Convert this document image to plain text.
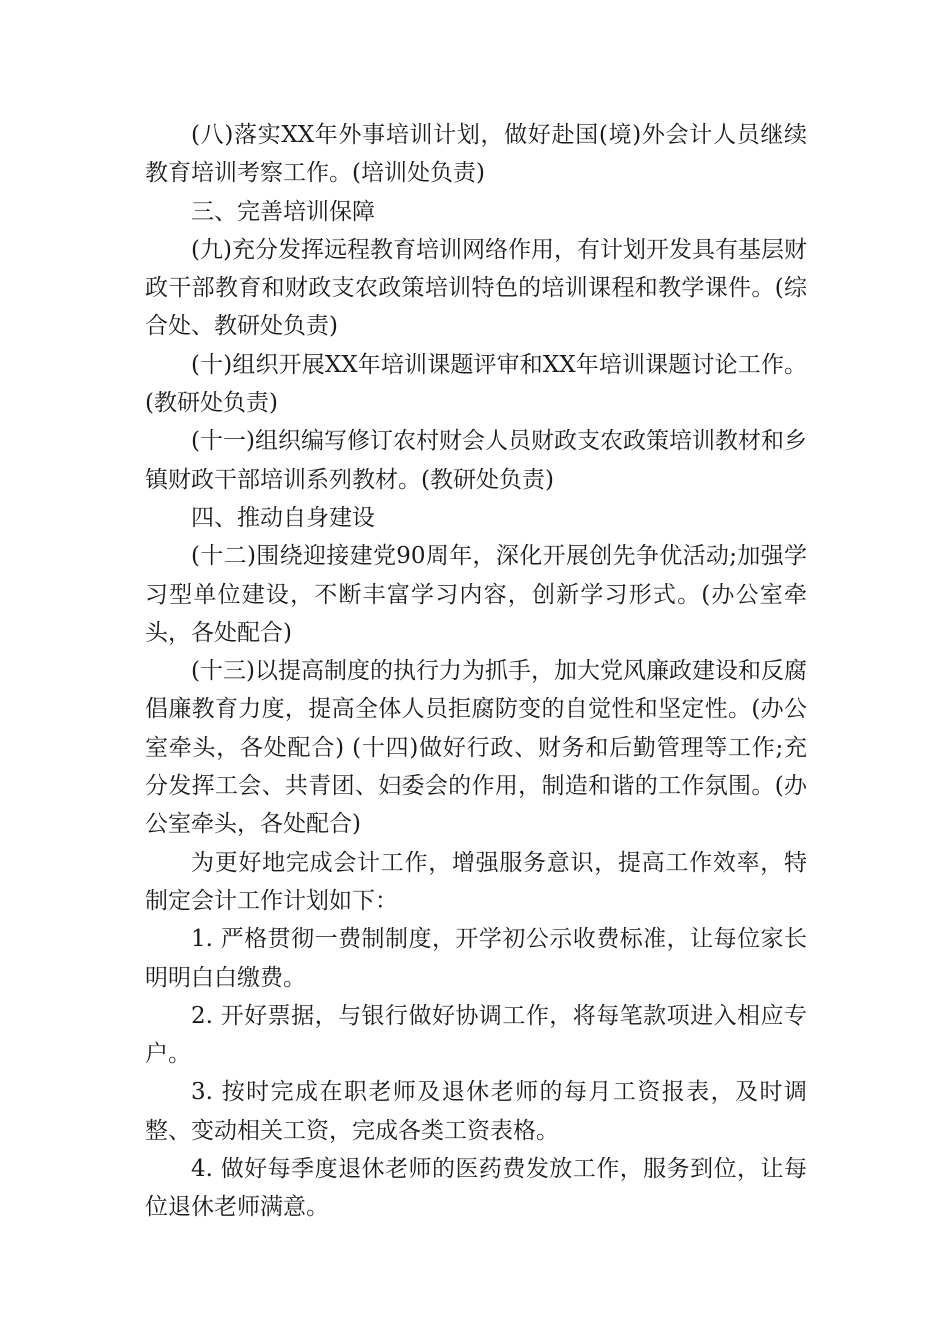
(八)落实XX年外事培训计划，做好赴国(境)外会计人员继续教育培训考察工作。(培训处负责)

三、完善培训保障

(九)充分发挥远程教育培训网络作用，有计划开发具有基层财政干部教育和财政支农政策培训特色的培训课程和教学课件。(综合处、教研处负责)

(十)组织开展XX年培训课题评审和XX年培训课题讨论工作。(教研处负责)

(十一)组织编写修订农村财会人员财政支农政策培训教材和乡镇财政干部培训系列教材。(教研处负责)

四、推动自身建设

(十二)围绕迎接建党90周年，深化开展创先争优活动;加强学习型单位建设，不断丰富学习内容，创新学习形式。(办公室牵头，各处配合)

(十三)以提高制度的执行力为抓手，加大党风廉政建设和反腐倡廉教育力度，提高全体人员拒腐防变的自觉性和坚定性。(办公室牵头，各处配合) (十四)做好行政、财务和后勤管理等工作;充分发挥工会、共青团、妇委会的作用，制造和谐的工作氛围。(办公室牵头，各处配合)

为更好地完成会计工作，增强服务意识，提高工作效率，特制定会计工作计划如下：

1. 严格贯彻一费制制度，开学初公示收费标准，让每位家长明明白白缴费。

2. 开好票据，与银行做好协调工作，将每笔款项进入相应专户。

3. 按时完成在职老师及退休老师的每月工资报表，及时调整、变动相关工资，完成各类工资表格。

4. 做好每季度退休老师的医药费发放工作，服务到位，让每位退休老师满意。
